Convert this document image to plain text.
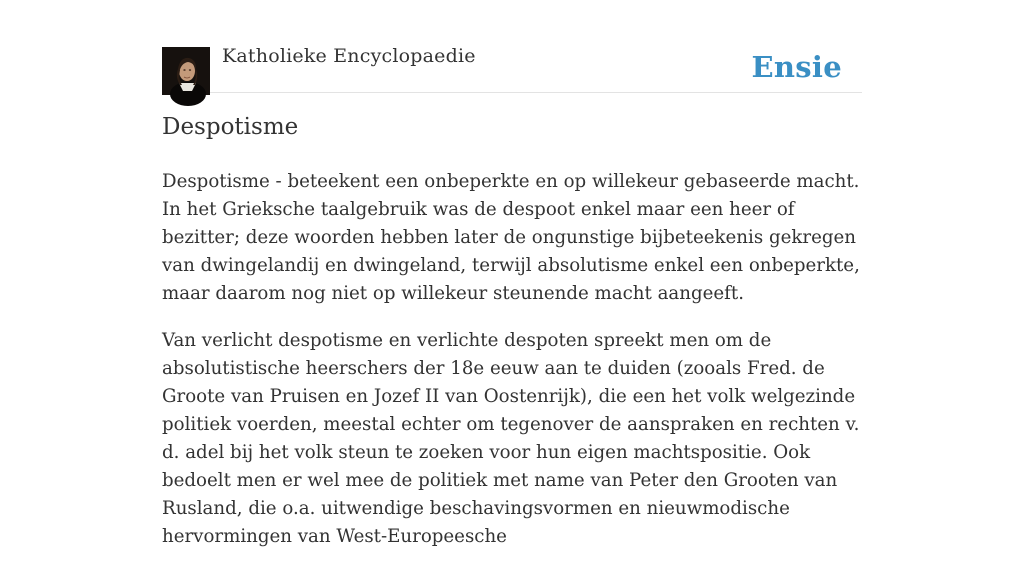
Katholieke Encyclopaedie	Ensie
Despotisme

Despotisme - beteekent een onbeperkte en op willekeur gebaseerde macht. In het Grieksche taalgebruik was de despoot enkel maar een heer of bezitter; deze woorden hebben later de ongunstige bijbeteekenis gekregen van dwingelandij en dwingeland, terwijl absolutisme enkel een onbeperkte, maar daarom nog niet op willekeur steunende macht aangeeft.

Van verlicht despotisme en verlichte despoten spreekt men om de absolutistische heerschers der 18e eeuw aan te duiden (zooals Fred. de Groote van Pruisen en Jozef II van Oostenrijk), die een het volk welgezinde politiek voerden, meestal echter om tegenover de aanspraken en rechten v. d. adel bij het volk steun te zoeken voor hun eigen machtspositie. Ook bedoelt men er wel mee de politiek met name van Peter den Grooten van Rusland, die o.a. uitwendige beschavingsvormen en nieuwmodische hervormingen van West-Europeesche
